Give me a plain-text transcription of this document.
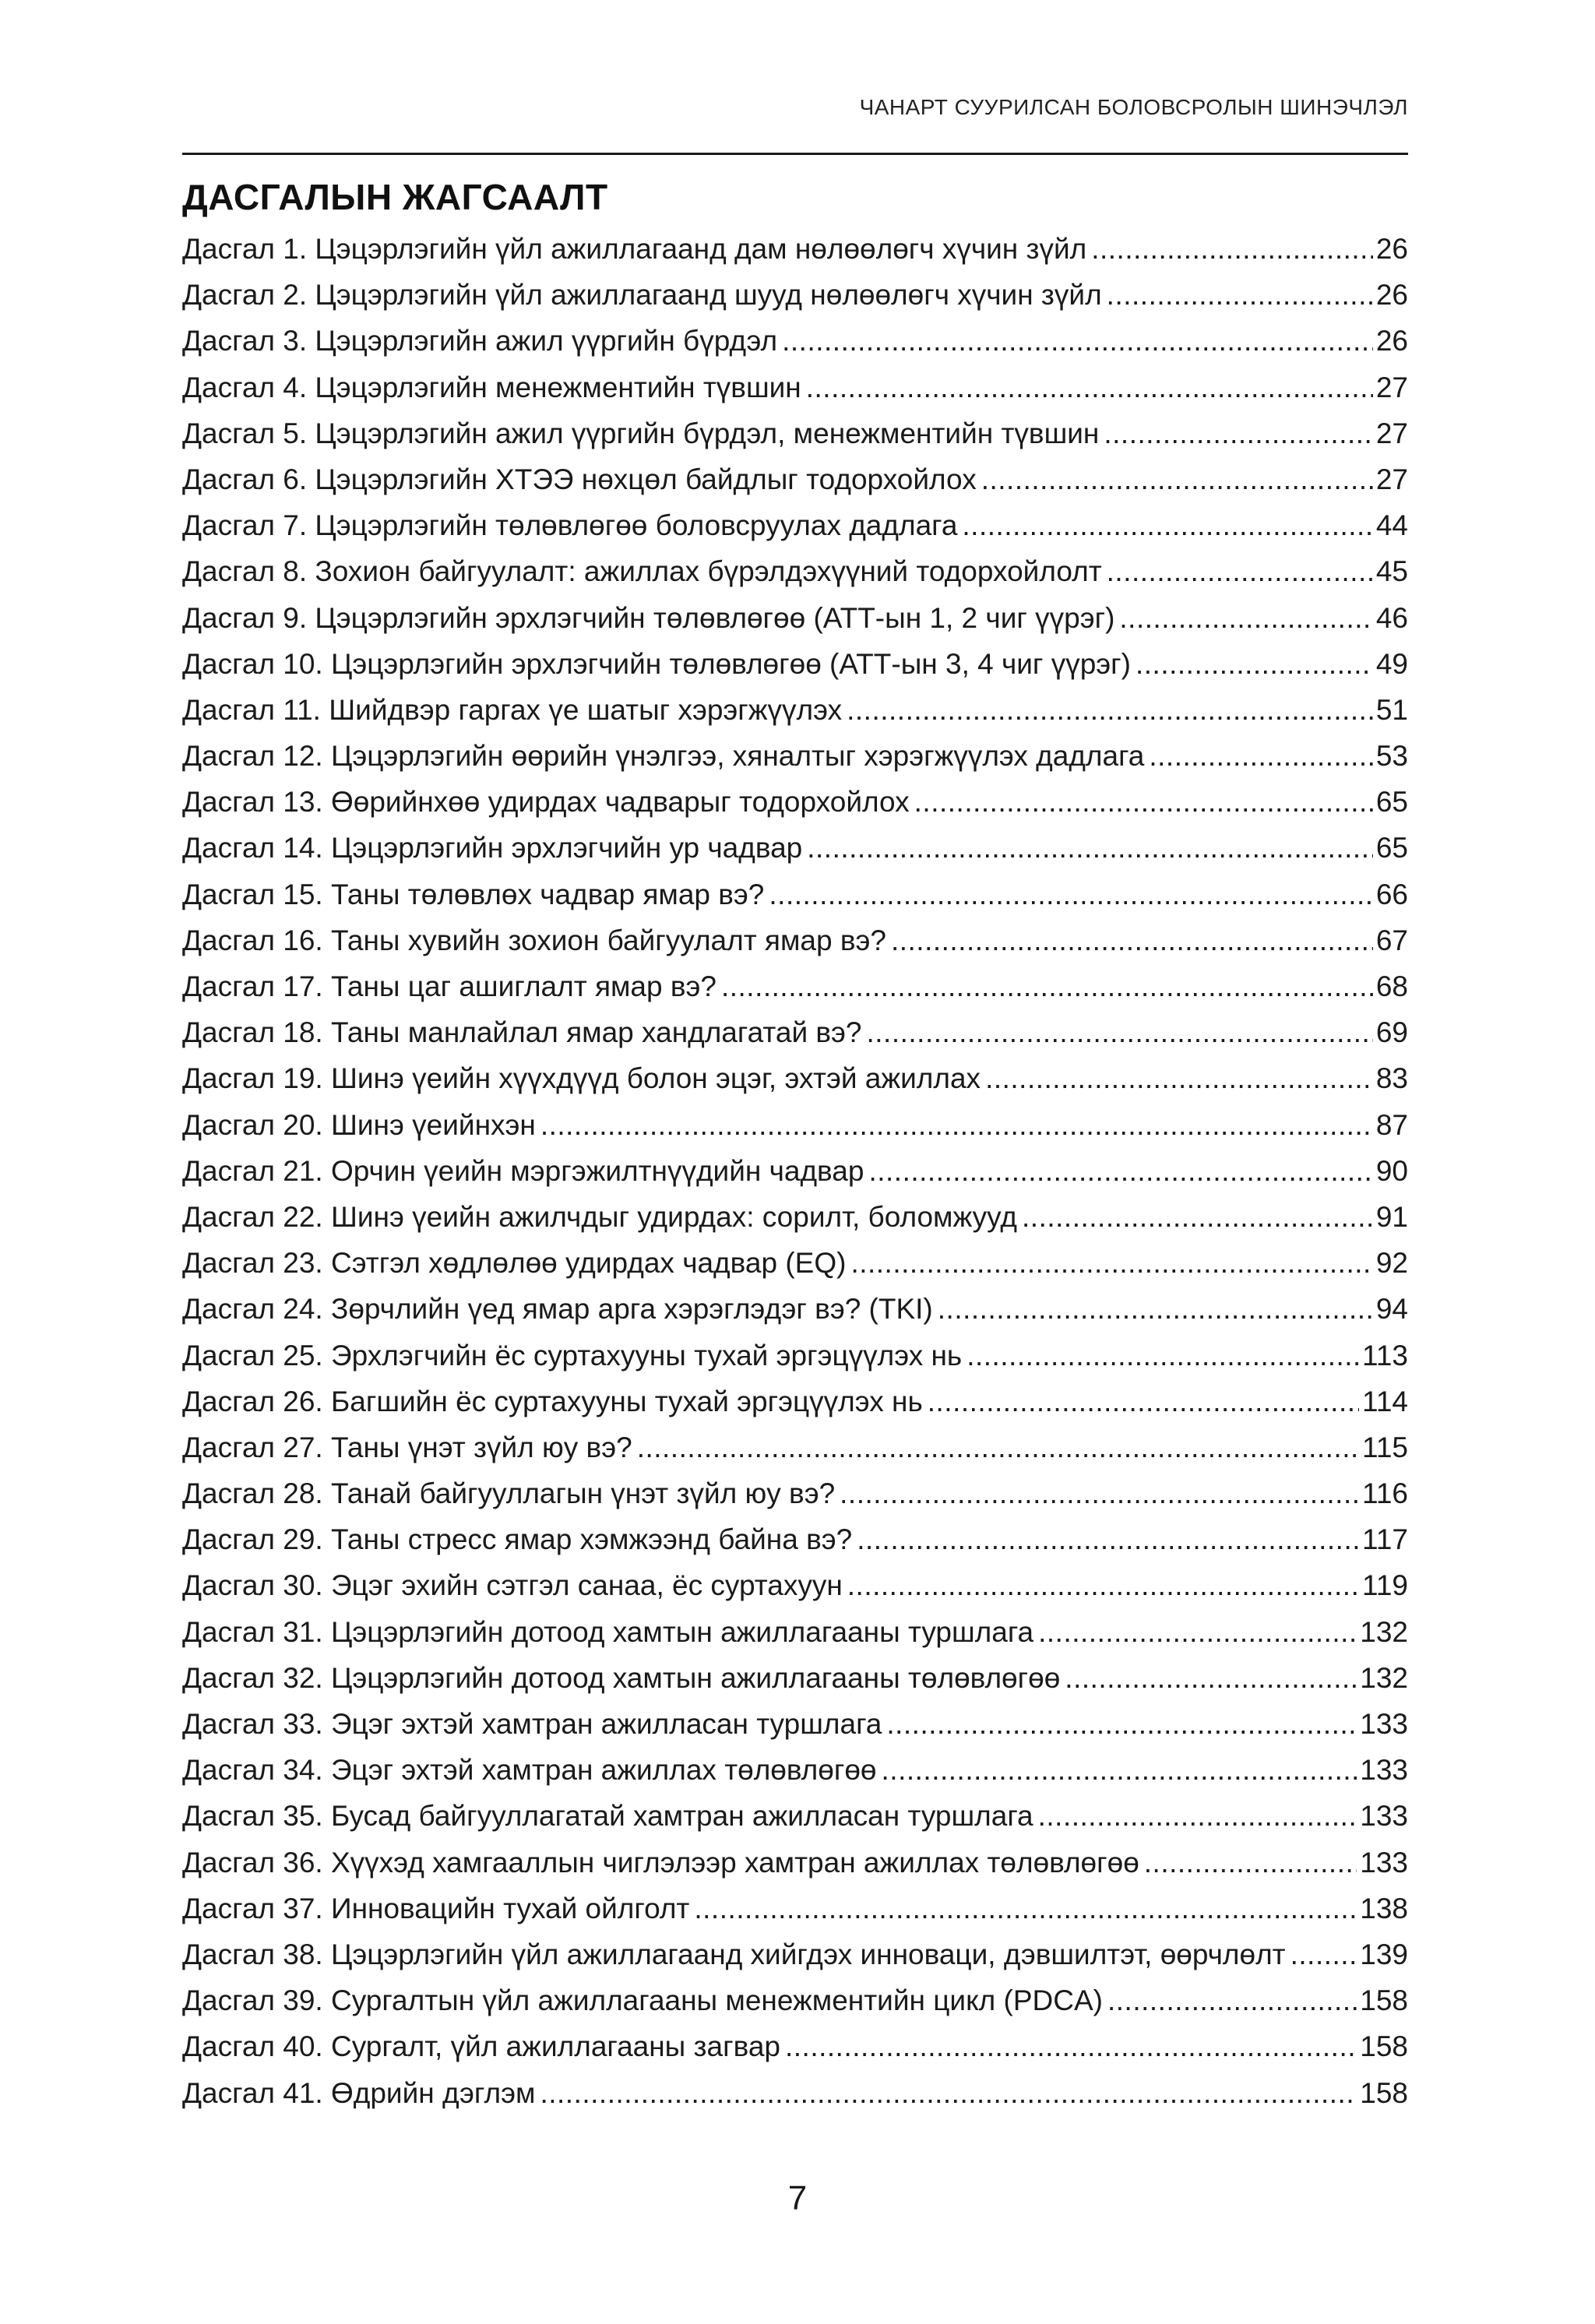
ЧАНАРТ СУУРИЛСАН БОЛОВСРОЛЫН ШИНЭЧЛЭЛ
ДАСГАЛЫН ЖАГСААЛТ
Дасгал 1. Цэцэрлэгийн үйл ажиллагаанд дам нөлөөлөгч хүчин зүйл .....	26
Дасгал 2. Цэцэрлэгийн үйл ажиллагаанд шууд нөлөөлөгч хүчин зүйл .....	26
Дасгал 3. Цэцэрлэгийн ажил үүргийн бүрдэл .....	26
Дасгал 4. Цэцэрлэгийн менежментийн түвшин .....	27
Дасгал 5. Цэцэрлэгийн ажил үүргийн бүрдэл, менежментийн түвшин .....	27
Дасгал 6. Цэцэрлэгийн ХТЭЭ нөхцөл байдлыг тодорхойлох .....	27
Дасгал 7. Цэцэрлэгийн төлөвлөгөө боловсруулах дадлага .....	44
Дасгал 8. Зохион байгуулалт: ажиллах бүрэлдэхүүний тодорхойлолт .....	45
Дасгал 9. Цэцэрлэгийн эрхлэгчийн төлөвлөгөө (АТТ-ын 1, 2 чиг үүрэг) .....	46
Дасгал 10. Цэцэрлэгийн эрхлэгчийн төлөвлөгөө (АТТ-ын 3, 4 чиг үүрэг) .....	49
Дасгал 11. Шийдвэр гаргах үе шатыг хэрэгжүүлэх .....	51
Дасгал 12. Цэцэрлэгийн өөрийн үнэлгээ, хяналтыг хэрэгжүүлэх дадлага .....	53
Дасгал 13. Өөрийнхөө удирдах чадварыг тодорхойлох .....	65
Дасгал 14. Цэцэрлэгийн эрхлэгчийн ур чадвар .....	65
Дасгал 15. Таны төлөвлөх чадвар ямар вэ? .....	66
Дасгал 16. Таны хувийн зохион байгуулалт ямар вэ? .....	67
Дасгал 17. Таны цаг ашиглалт ямар вэ? .....	68
Дасгал 18. Таны манлайлал ямар хандлагатай вэ? .....	69
Дасгал 19. Шинэ үеийн хүүхдүүд болон эцэг, эхтэй ажиллах .....	83
Дасгал 20. Шинэ үеийнхэн .....	87
Дасгал 21. Орчин үеийн мэргэжилтнүүдийн чадвар .....	90
Дасгал 22. Шинэ үеийн ажилчдыг удирдах: сорилт, боломжууд .....	91
Дасгал 23. Сэтгэл хөдлөлөө удирдах чадвар (EQ) .....	92
Дасгал 24. Зөрчлийн үед ямар арга хэрэглэдэг вэ? (TKI) .....	94
Дасгал 25. Эрхлэгчийн ёс суртахууны тухай эргэцүүлэх нь .....	113
Дасгал 26. Багшийн ёс суртахууны тухай эргэцүүлэх нь .....	114
Дасгал 27. Таны үнэт зүйл юу вэ? .....	115
Дасгал 28. Танай байгууллагын үнэт зүйл юу вэ? .....	116
Дасгал 29. Таны стресс ямар хэмжээнд байна вэ? .....	117
Дасгал 30. Эцэг эхийн сэтгэл санаа, ёс суртахуун .....	119
Дасгал 31. Цэцэрлэгийн дотоод хамтын ажиллагааны туршлага .....	132
Дасгал 32. Цэцэрлэгийн дотоод хамтын ажиллагааны төлөвлөгөө .....	132
Дасгал 33. Эцэг эхтэй хамтран ажилласан туршлага .....	133
Дасгал 34. Эцэг эхтэй хамтран ажиллах төлөвлөгөө .....	133
Дасгал 35. Бусад байгууллагатай хамтран ажилласан туршлага .....	133
Дасгал 36. Хүүхэд хамгааллын чиглэлээр хамтран ажиллах төлөвлөгөө .....	133
Дасгал 37. Инновацийн тухай ойлголт .....	138
Дасгал 38. Цэцэрлэгийн үйл ажиллагаанд хийгдэх инноваци, дэвшилтэт, өөрчлөлт .....	139
Дасгал 39. Сургалтын үйл ажиллагааны менежментийн цикл (PDCA) .....	158
Дасгал 40. Сургалт, үйл ажиллагааны загвар .....	158
Дасгал 41. Өдрийн дэглэм .....	158
7
